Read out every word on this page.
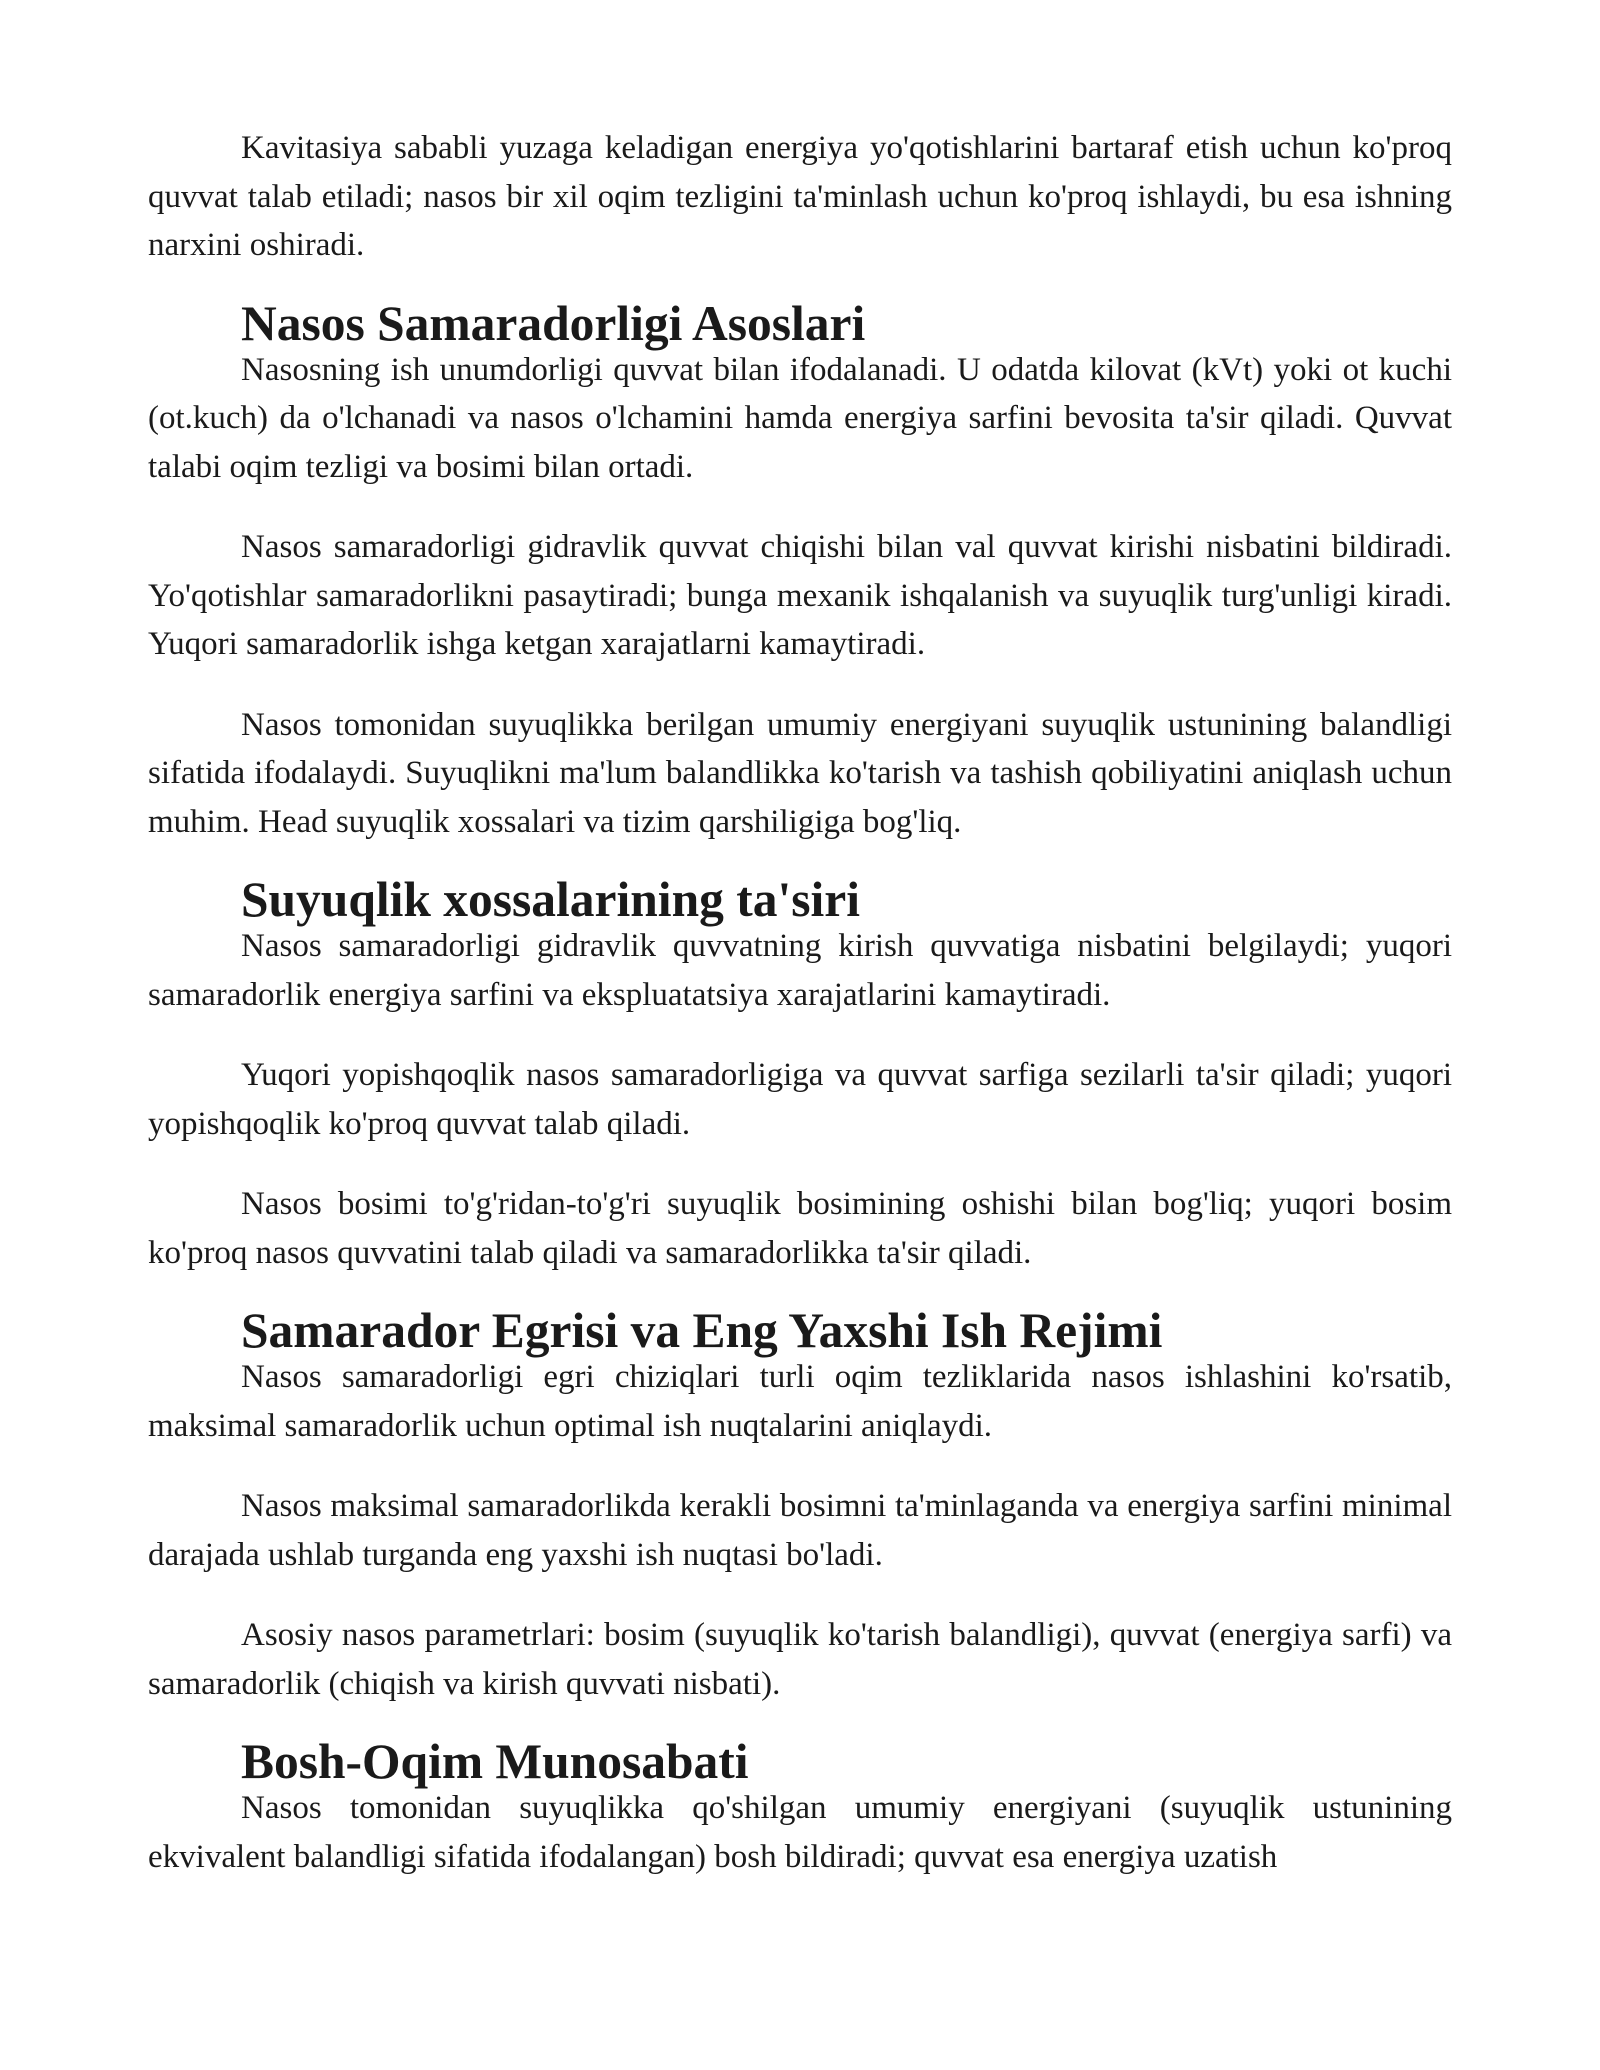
Kavitasiya sababli yuzaga keladigan energiya yo'qotishlarini bartaraf etish uchun ko'proq quvvat talab etiladi; nasos bir xil oqim tezligini ta'minlash uchun ko'proq ishlaydi, bu esa ishning narxini oshiradi.

Nasos Samaradorligi Asoslari

Nasosning ish unumdorligi quvvat bilan ifodalanadi. U odatda kilovat (kVt) yoki ot kuchi (ot.kuch) da o'lchanadi va nasos o'lchamini hamda energiya sarfini bevosita ta'sir qiladi. Quvvat talabi oqim tezligi va bosimi bilan ortadi.

Nasos samaradorligi gidravlik quvvat chiqishi bilan val quvvat kirishi nisbatini bildiradi. Yo'qotishlar samaradorlikni pasaytiradi; bunga mexanik ishqalanish va suyuqlik turg'unligi kiradi. Yuqori samaradorlik ishga ketgan xarajatlarni kamaytiradi.

Nasos tomonidan suyuqlikka berilgan umumiy energiyani suyuqlik ustunining balandligi sifatida ifodalaydi. Suyuqlikni ma'lum balandlikka ko'tarish va tashish qobiliyatini aniqlash uchun muhim. Head suyuqlik xossalari va tizim qarshiligiga bog'liq.

Suyuqlik xossalarining ta'siri

Nasos samaradorligi gidravlik quvvatning kirish quvvatiga nisbatini belgilaydi; yuqori samaradorlik energiya sarfini va ekspluatatsiya xarajatlarini kamaytiradi.

Yuqori yopishqoqlik nasos samaradorligiga va quvvat sarfiga sezilarli ta'sir qiladi; yuqori yopishqoqlik ko'proq quvvat talab qiladi.

Nasos bosimi to'g'ridan-to'g'ri suyuqlik bosimining oshishi bilan bog'liq; yuqori bosim ko'proq nasos quvvatini talab qiladi va samaradorlikka ta'sir qiladi.

Samarador Egrisi va Eng Yaxshi Ish Rejimi

Nasos samaradorligi egri chiziqlari turli oqim tezliklarida nasos ishlashini ko'rsatib, maksimal samaradorlik uchun optimal ish nuqtalarini aniqlaydi.

Nasos maksimal samaradorlikda kerakli bosimni ta'minlaganda va energiya sarfini minimal darajada ushlab turganda eng yaxshi ish nuqtasi bo'ladi.

Asosiy nasos parametrlari: bosim (suyuqlik ko'tarish balandligi), quvvat (energiya sarfi) va samaradorlik (chiqish va kirish quvvati nisbati).

Bosh-Oqim Munosabati

Nasos tomonidan suyuqlikka qo'shilgan umumiy energiyani (suyuqlik ustunining ekvivalent balandligi sifatida ifodalangan) bosh bildiradi; quvvat esa energiya uzatish
